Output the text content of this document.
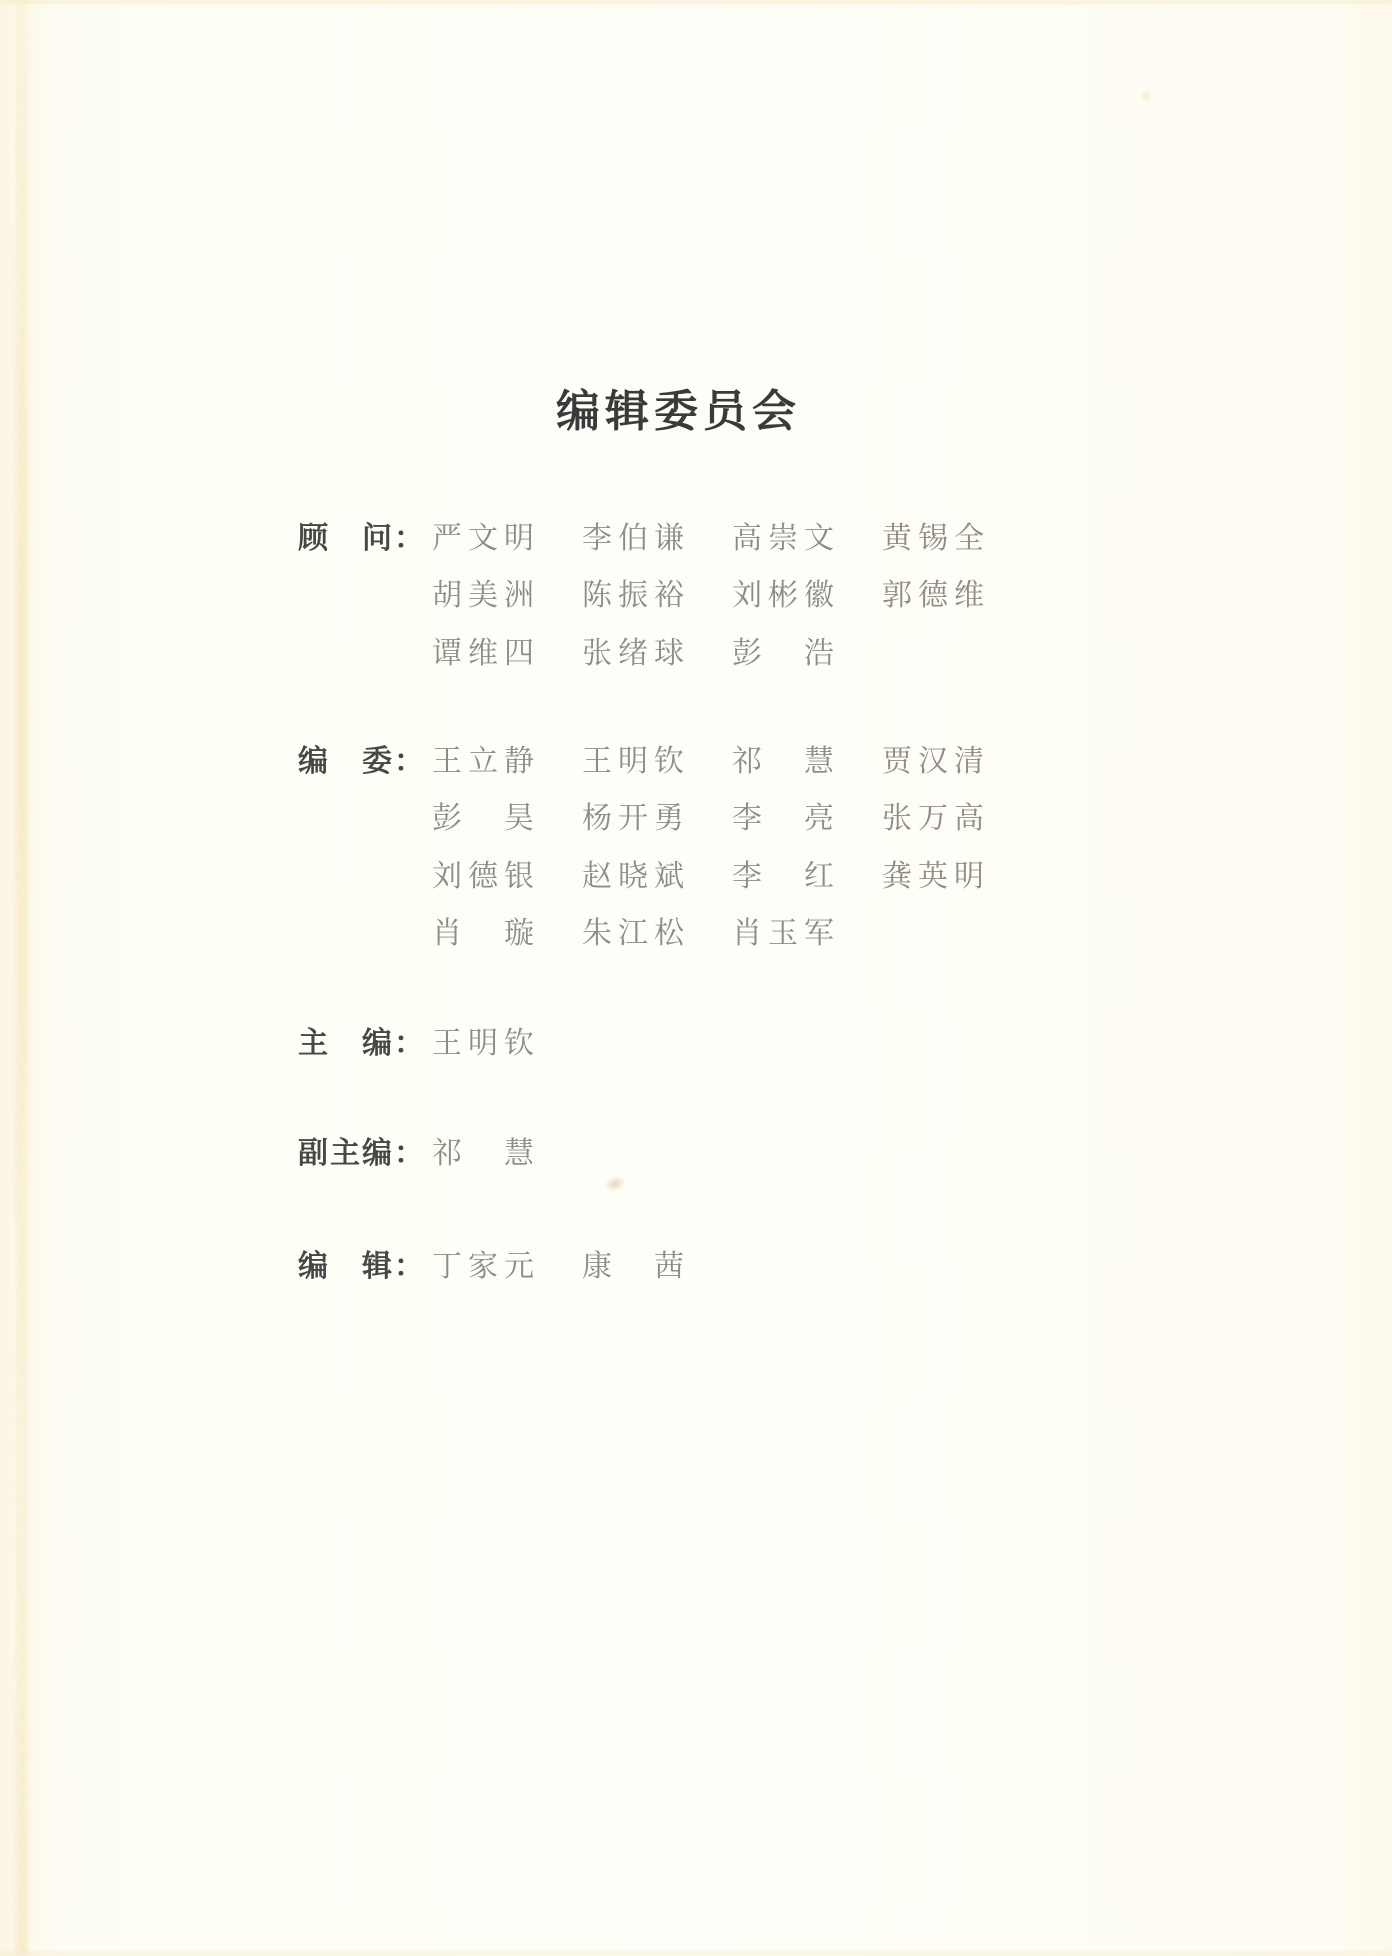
编辑委员会
顾　问： 严文明	李伯谦	高崇文	黄锡全
胡美洲	陈振裕	刘彬徽	郭德维
谭维四	张绪球	彭　浩
编　委： 王立静	王明钦	祁　慧	贾汉清
彭　昊	杨开勇	李　亮	张万高
刘德银	赵晓斌	李　红	龚英明
肖　璇	朱江松	肖玉军
主　编： 王明钦
副主编： 祁　慧
编　辑： 丁家元	康　茜
